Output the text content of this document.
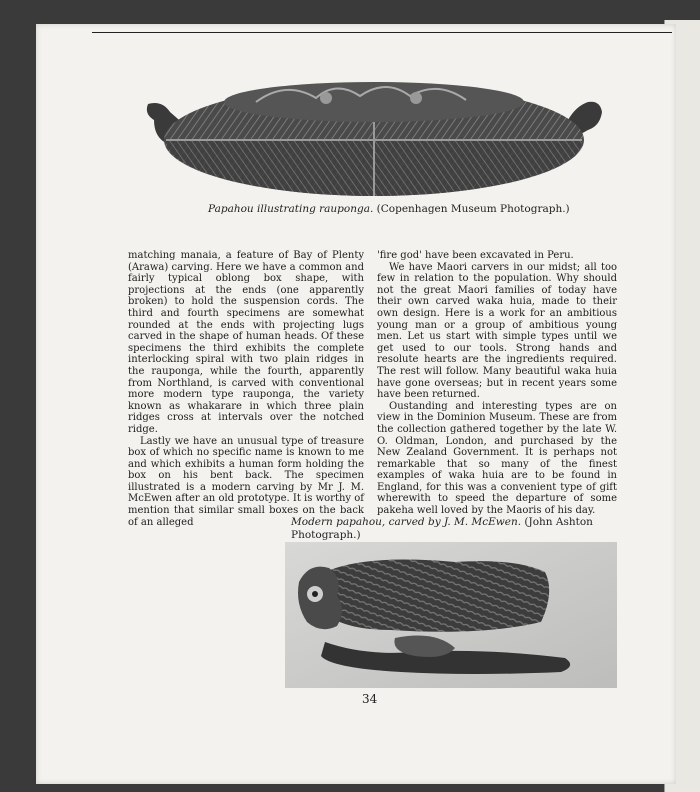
Papahou illustrating rauponga. (Copenhagen Museum Photograph.)

matching manaia, a feature of Bay of Plenty (Arawa) carving. Here we have a common and fairly typical oblong box shape, with projections at the ends (one apparently broken) to hold the suspension cords. The third and fourth specimens are somewhat rounded at the ends with projecting lugs carved in the shape of human heads. Of these specimens the third exhibits the complete interlocking spiral with two plain ridges in the rauponga, while the fourth, apparently from Northland, is carved with conventional more modern type rauponga, the variety known as whakarare in which three plain ridges cross at intervals over the notched ridge.

Lastly we have an unusual type of treasure box of which no specific name is known to me and which exhibits a human form holding the box on his bent back. The specimen illustrated is a modern carving by Mr J. M. McEwen after an old prototype. It is worthy of mention that similar small boxes on the back of an alleged

'fire god' have been excavated in Peru.

We have Maori carvers in our midst; all too few in relation to the population. Why should not the great Maori families of today have their own carved waka huia, made to their own design. Here is a work for an ambitious young man or a group of ambitious young men. Let us start with simple types until we get used to our tools. Strong hands and resolute hearts are the ingredients required. The rest will follow. Many beautiful waka huia have gone overseas; but in recent years some have been returned.

Oustanding and interesting types are on view in the Dominion Museum. These are from the collection gathered together by the late W. O. Oldman, London, and purchased by the New Zealand Government. It is perhaps not remarkable that so many of the finest examples of waka huia are to be found in England, for this was a convenient type of gift wherewith to speed the departure of some pakeha well loved by the Maoris of his day.

Modern papahou, carved by J. M. McEwen. (John Ashton Photograph.)
34
